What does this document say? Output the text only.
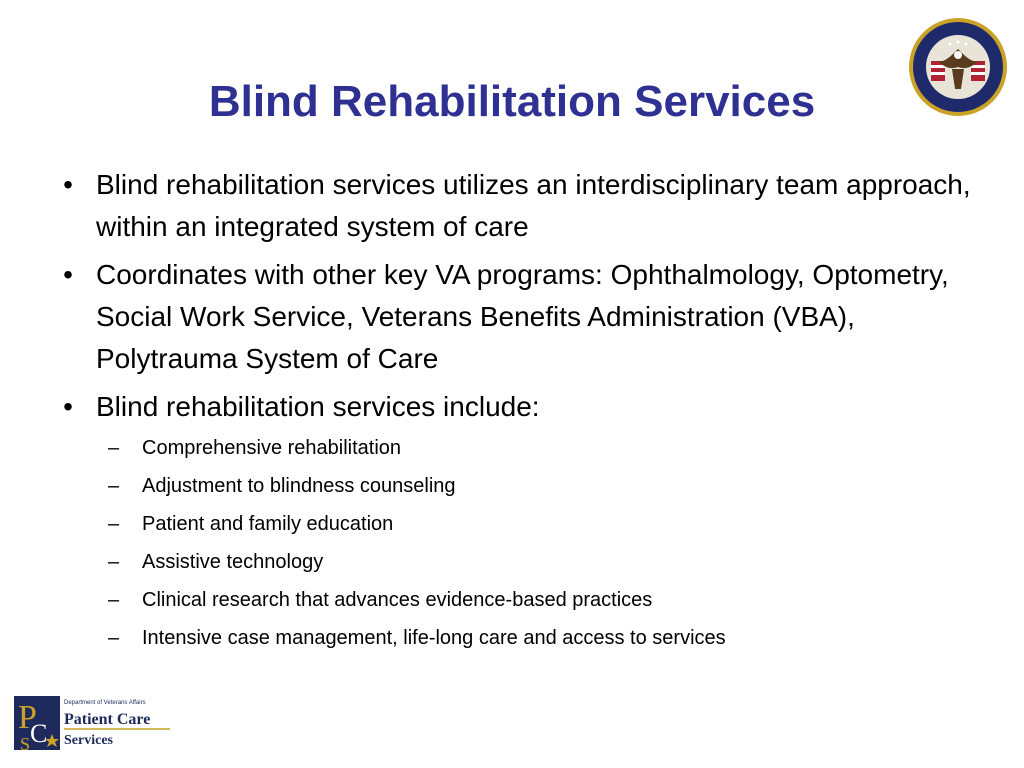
Blind Rehabilitation Services
• Blind rehabilitation services utilizes an interdisciplinary team approach, within an integrated system of care
• Coordinates with other key VA programs: Ophthalmology, Optometry, Social Work Service, Veterans Benefits Administration (VBA), Polytrauma System of Care
• Blind rehabilitation services include:
– Comprehensive rehabilitation
– Adjustment to blindness counseling
– Patient and family education
– Assistive technology
– Clinical research that advances evidence-based practices
– Intensive case management, life-long care and access to services
P
C
S
Department of Veterans Affairs
Patient Care
Services
